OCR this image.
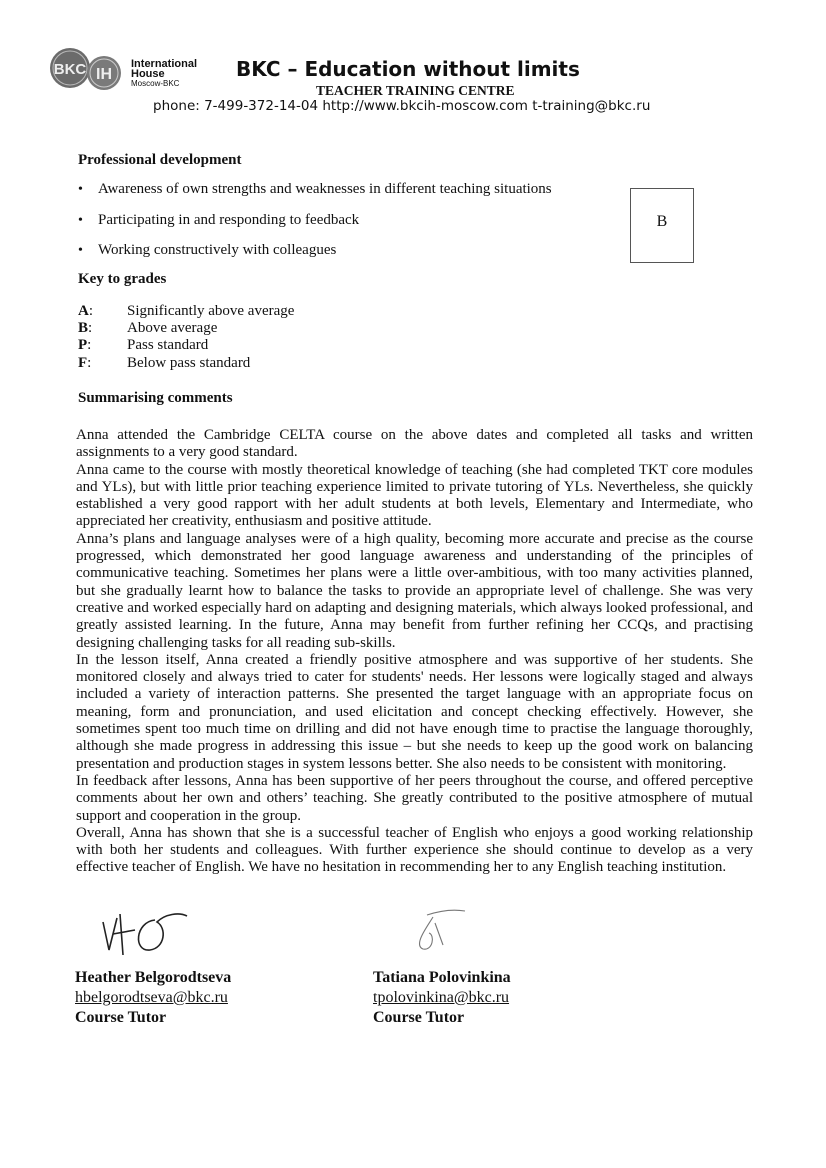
BKC IH
International
House
Moscow-BKC
BKC – Education without limits
TEACHER TRAINING CENTRE
phone: 7-499-372-14-04 http://www.bkcih-moscow.com t-training@bkc.ru
Professional development
• Awareness of own strengths and weaknesses in different teaching situations
• Participating in and responding to feedback
• Working constructively with colleagues
B
Key to grades
A: Significantly above average
B: Above average
P: Pass standard
F: Below pass standard
Summarising comments

Anna attended the Cambridge CELTA course on the above dates and completed all tasks and written assignments to a very good standard.

Anna came to the course with mostly theoretical knowledge of teaching (she had completed TKT core modules and YLs), but with little prior teaching experience limited to private tutoring of YLs. Nevertheless, she quickly established a very good rapport with her adult students at both levels, Elementary and Intermediate, who appreciated her creativity, enthusiasm and positive attitude.

Anna’s plans and language analyses were of a high quality, becoming more accurate and precise as the course progressed, which demonstrated her good language awareness and understanding of the principles of communicative teaching. Sometimes her plans were a little over-ambitious, with too many activities planned, but she gradually learnt how to balance the tasks to provide an appropriate level of challenge. She was very creative and worked especially hard on adapting and designing materials, which always looked professional, and greatly assisted learning. In the future, Anna may benefit from further refining her CCQs, and practising designing challenging tasks for all reading sub-skills.

In the lesson itself, Anna created a friendly positive atmosphere and was supportive of her students. She monitored closely and always tried to cater for students' needs. Her lessons were logically staged and always included a variety of interaction patterns. She presented the target language with an appropriate focus on meaning, form and pronunciation, and used elicitation and concept checking effectively. However, she sometimes spent too much time on drilling and did not have enough time to practise the language thoroughly, although she made progress in addressing this issue – but she needs to keep up the good work on balancing presentation and production stages in system lessons better. She also needs to be consistent with monitoring.

In feedback after lessons, Anna has been supportive of her peers throughout the course, and offered perceptive comments about her own and others’ teaching. She greatly contributed to the positive atmosphere of mutual support and cooperation in the group.

Overall, Anna has shown that she is a successful teacher of English who enjoys a good working relationship with both her students and colleagues. With further experience she should continue to develop as a very effective teacher of English. We have no hesitation in recommending her to any English teaching institution.

Heather Belgorodtseva
hbelgorodtseva@bkc.ru
Course Tutor
Tatiana Polovinkina
tpolovinkina@bkc.ru
Course Tutor
